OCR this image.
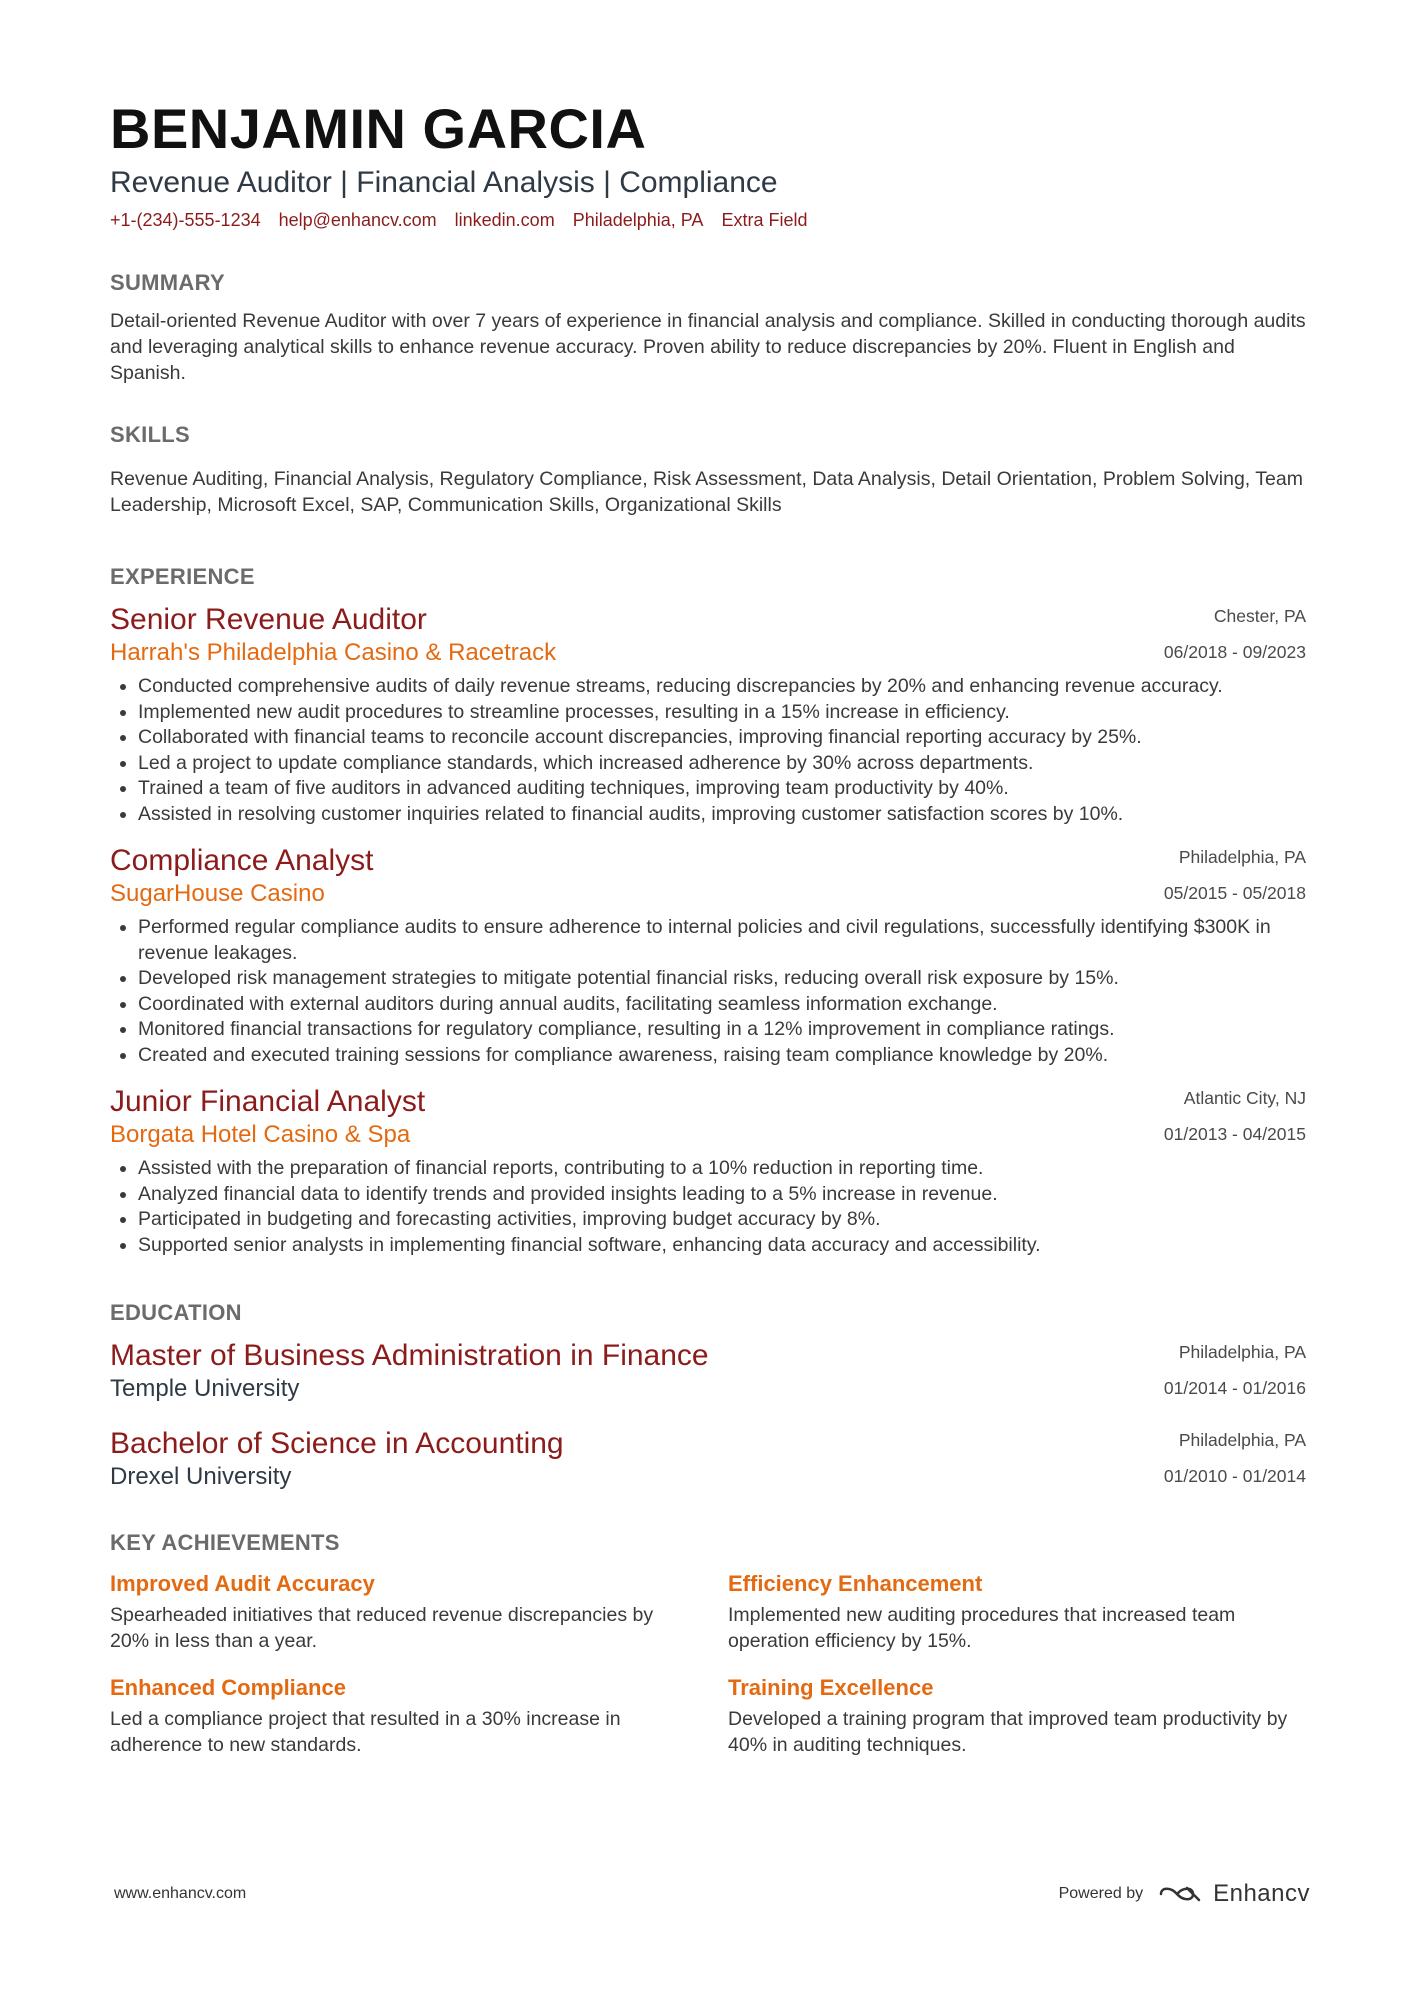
BENJAMIN GARCIA
Revenue Auditor | Financial Analysis | Compliance
+1-(234)-555-1234 help@enhancv.com linkedin.com Philadelphia, PA Extra Field
SUMMARY
Detail-oriented Revenue Auditor with over 7 years of experience in financial analysis and compliance. Skilled in conducting thorough audits and leveraging analytical skills to enhance revenue accuracy. Proven ability to reduce discrepancies by 20%. Fluent in English and Spanish.
SKILLS
Revenue Auditing, Financial Analysis, Regulatory Compliance, Risk Assessment, Data Analysis, Detail Orientation, Problem Solving, Team Leadership, Microsoft Excel, SAP, Communication Skills, Organizational Skills
EXPERIENCE
Senior Revenue Auditor
Harrah's Philadelphia Casino & Racetrack
Chester, PA
06/2018 - 09/2023
• Conducted comprehensive audits of daily revenue streams, reducing discrepancies by 20% and enhancing revenue accuracy.
• Implemented new audit procedures to streamline processes, resulting in a 15% increase in efficiency.
• Collaborated with financial teams to reconcile account discrepancies, improving financial reporting accuracy by 25%.
• Led a project to update compliance standards, which increased adherence by 30% across departments.
• Trained a team of five auditors in advanced auditing techniques, improving team productivity by 40%.
• Assisted in resolving customer inquiries related to financial audits, improving customer satisfaction scores by 10%.
Compliance Analyst
SugarHouse Casino
Philadelphia, PA
05/2015 - 05/2018
• Performed regular compliance audits to ensure adherence to internal policies and civil regulations, successfully identifying $300K in revenue leakages.
• Developed risk management strategies to mitigate potential financial risks, reducing overall risk exposure by 15%.
• Coordinated with external auditors during annual audits, facilitating seamless information exchange.
• Monitored financial transactions for regulatory compliance, resulting in a 12% improvement in compliance ratings.
• Created and executed training sessions for compliance awareness, raising team compliance knowledge by 20%.
Junior Financial Analyst
Borgata Hotel Casino & Spa
Atlantic City, NJ
01/2013 - 04/2015
• Assisted with the preparation of financial reports, contributing to a 10% reduction in reporting time.
• Analyzed financial data to identify trends and provided insights leading to a 5% increase in revenue.
• Participated in budgeting and forecasting activities, improving budget accuracy by 8%.
• Supported senior analysts in implementing financial software, enhancing data accuracy and accessibility.
EDUCATION
Master of Business Administration in Finance
Temple University
Philadelphia, PA
01/2014 - 01/2016
Bachelor of Science in Accounting
Drexel University
Philadelphia, PA
01/2010 - 01/2014
KEY ACHIEVEMENTS
Improved Audit Accuracy
Spearheaded initiatives that reduced revenue discrepancies by 20% in less than a year.
Efficiency Enhancement
Implemented new auditing procedures that increased team operation efficiency by 15%.
Enhanced Compliance
Led a compliance project that resulted in a 30% increase in adherence to new standards.
Training Excellence
Developed a training program that improved team productivity by 40% in auditing techniques.
www.enhancv.com	Powered by	Enhancv
